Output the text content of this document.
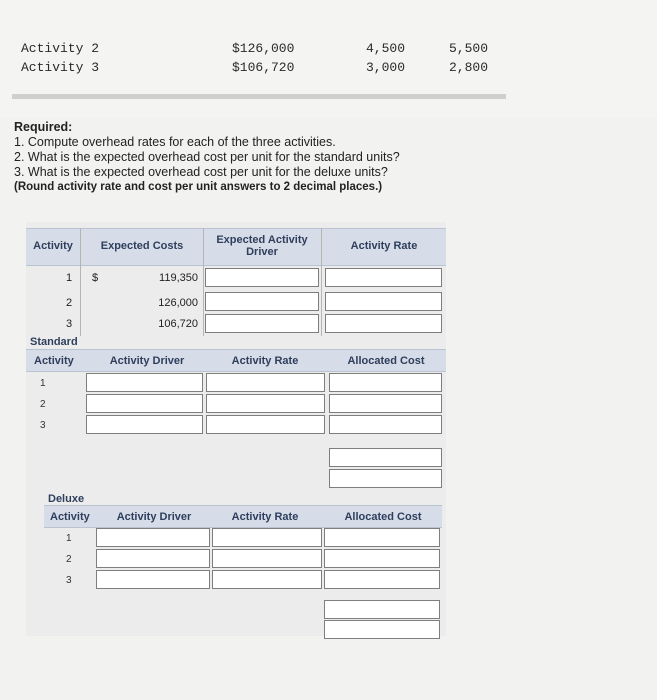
Activity 2	$126,000	4,500	5,500
Activity 3	$106,720	3,000	2,800
Required:
1. Compute overhead rates for each of the three activities.
2. What is the expected overhead cost per unit for the standard units?
3. What is the expected overhead cost per unit for the deluxe units?
(Round activity rate and cost per unit answers to 2 decimal places.)
Activity	Expected Costs	Expected Activity Driver	Activity Rate
1 $	119,350
2	126,000
3	106,720
Standard
Activity	Activity Driver	Activity Rate	Allocated Cost
1
2
3
Deluxe
Activity	Activity Driver	Activity Rate	Allocated Cost
1
2
3
